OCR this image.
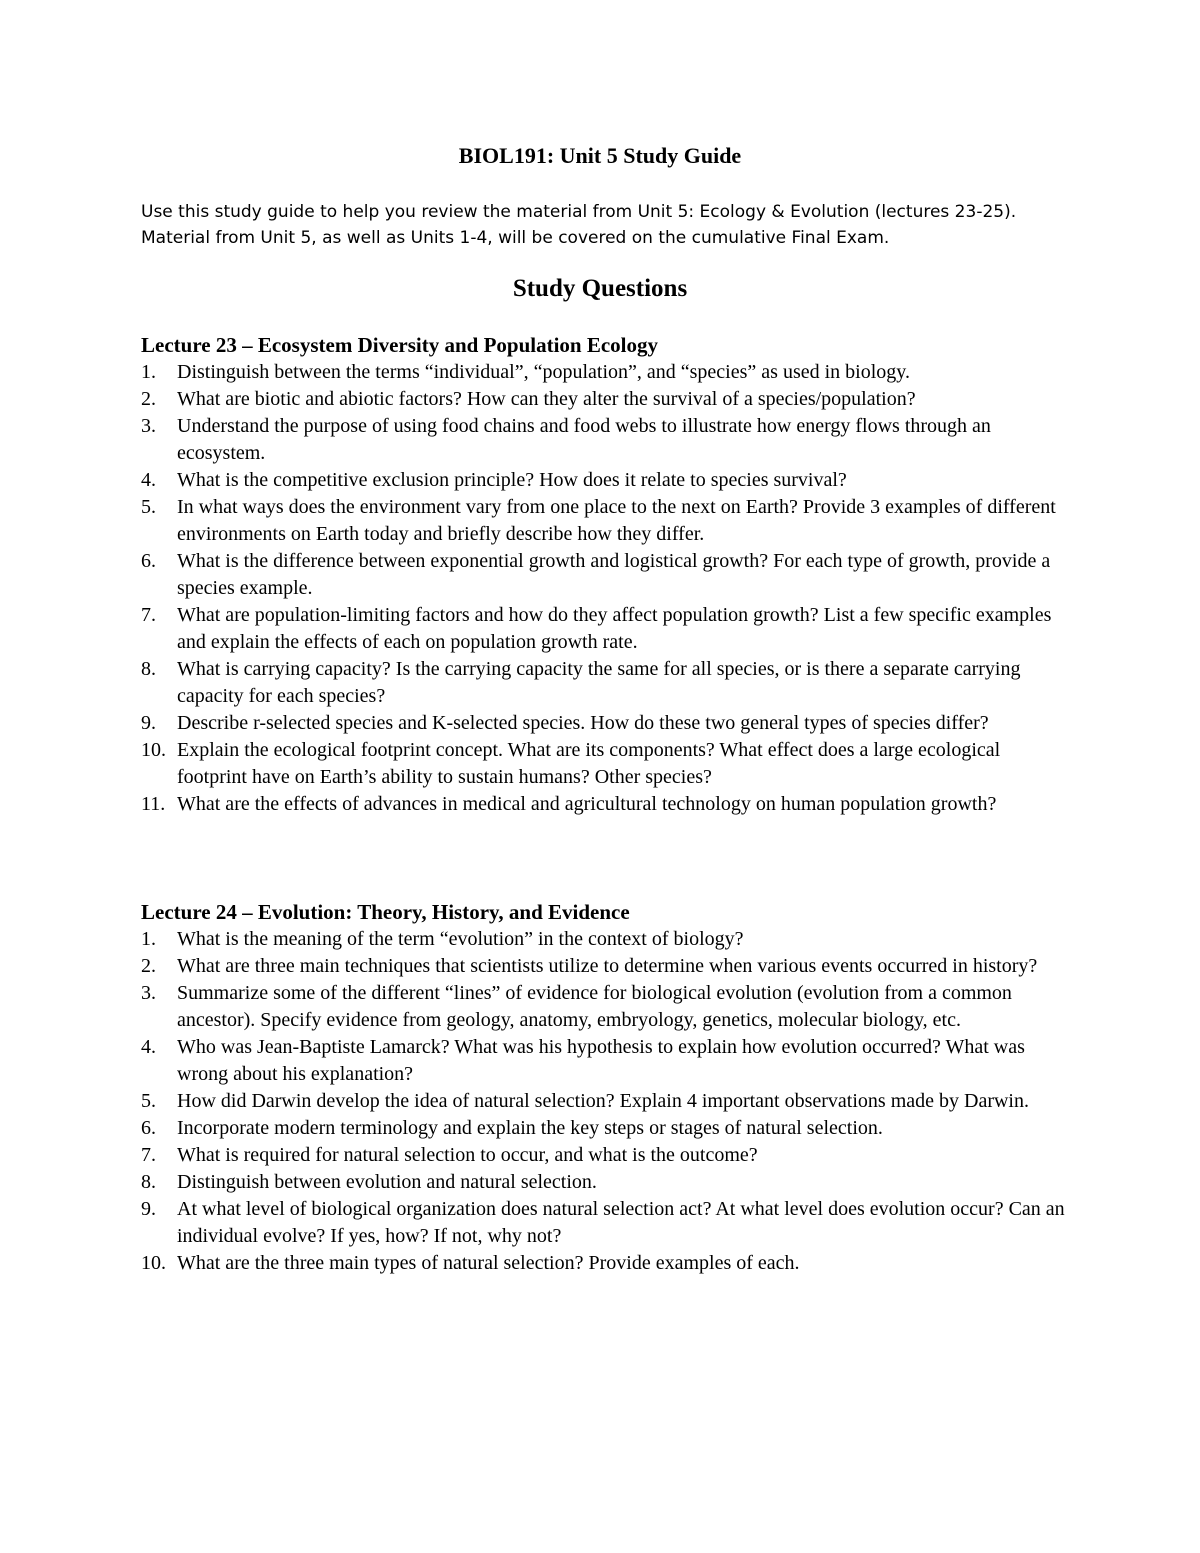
BIOL191: Unit 5 Study Guide

Use this study guide to help you review the material from Unit 5: Ecology & Evolution (lectures 23-25).

Material from Unit 5, as well as Units 1-4, will be covered on the cumulative Final Exam.

Study Questions

Lecture 23 – Ecosystem Diversity and Population Ecology

1. Distinguish between the terms “individual”, “population”, and “species” as used in biology.
2. What are biotic and abiotic factors? How can they alter the survival of a species/population?
3. Understand the purpose of using food chains and food webs to illustrate how energy flows through an ecosystem.
4. What is the competitive exclusion principle? How does it relate to species survival?
5. In what ways does the environment vary from one place to the next on Earth? Provide 3 examples of different environments on Earth today and briefly describe how they differ.
6. What is the difference between exponential growth and logistical growth? For each type of growth, provide a species example.
7. What are population-limiting factors and how do they affect population growth? List a few specific examples and explain the effects of each on population growth rate.
8. What is carrying capacity? Is the carrying capacity the same for all species, or is there a separate carrying capacity for each species?
9. Describe r-selected species and K-selected species. How do these two general types of species differ?
10. Explain the ecological footprint concept. What are its components? What effect does a large ecological footprint have on Earth’s ability to sustain humans? Other species?
11. What are the effects of advances in medical and agricultural technology on human population growth?

Lecture 24 – Evolution: Theory, History, and Evidence

1. What is the meaning of the term “evolution” in the context of biology?
2. What are three main techniques that scientists utilize to determine when various events occurred in history?
3. Summarize some of the different “lines” of evidence for biological evolution (evolution from a common ancestor). Specify evidence from geology, anatomy, embryology, genetics, molecular biology, etc.
4. Who was Jean-Baptiste Lamarck? What was his hypothesis to explain how evolution occurred? What was wrong about his explanation?
5. How did Darwin develop the idea of natural selection? Explain 4 important observations made by Darwin.
6. Incorporate modern terminology and explain the key steps or stages of natural selection.
7. What is required for natural selection to occur, and what is the outcome?
8. Distinguish between evolution and natural selection.
9. At what level of biological organization does natural selection act? At what level does evolution occur? Can an individual evolve? If yes, how? If not, why not?
10. What are the three main types of natural selection? Provide examples of each.
